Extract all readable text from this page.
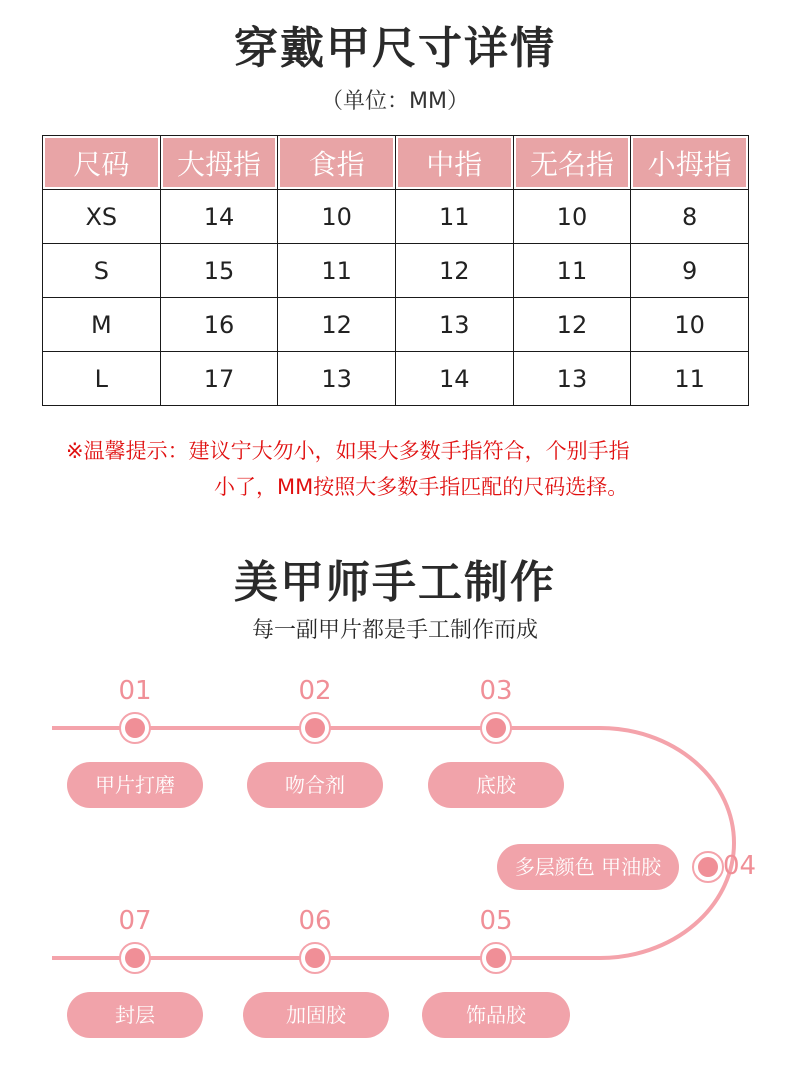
穿戴甲尺寸详情
（单位：MM）
尺码	大拇指	食指	中指	无名指	小拇指
XS	14	10	11	10	8
S	15	11	12	11	9
M	16	12	13	12	10
L	17	13	14	13	11
※温馨提示：建议宁大勿小，如果大多数手指符合，个别手指
小了，MM按照大多数手指匹配的尺码选择。
美甲师手工制作
每一副甲片都是手工制作而成
01	02	03
04
05
06
07
甲片打磨	吻合剂	底胶
多层颜色 甲油胶
饰品胶
加固胶
封层
